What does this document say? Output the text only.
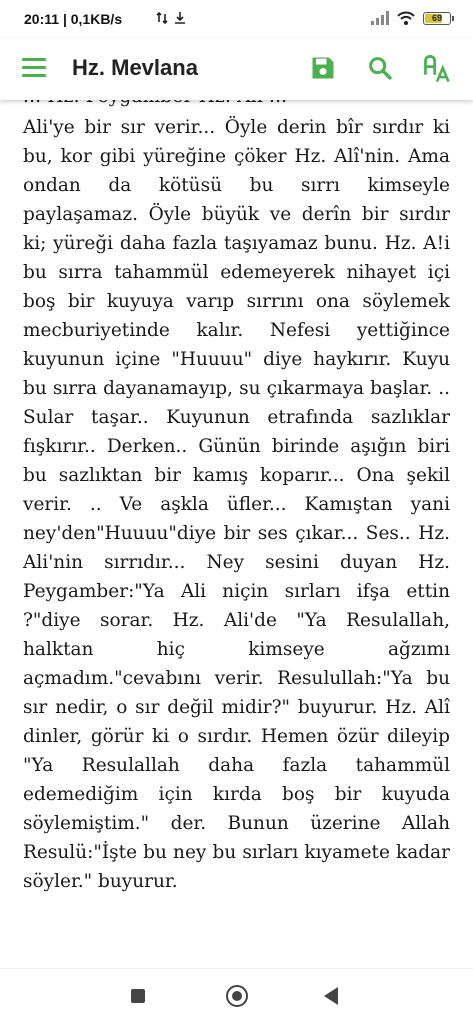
20:11 | 0,1KB/s
	69
Hz. Mevlana

Ali'ye bir sır verir... Öyle derin bîr sırdır ki bu, kor gibi yüreğine çöker Hz. Alî'nin. Ama ondan da kötüsü bu sırrı kimseyle paylaşamaz. Öyle büyük ve derîn bir sırdır ki; yüreği daha fazla taşıyamaz bunu. Hz. A!i bu sırra tahammül edemeyerek nihayet içi boş bir kuyuya varıp sırrını ona söylemek mecburiyetinde kalır. Nefesi yettiğince kuyunun içine "Huuuu" diye haykırır. Kuyu bu sırra dayanamayıp, su çıkarmaya başlar. .. Sular taşar.. Kuyunun etrafında sazlıklar fışkırır.. Derken.. Günün birinde aşığın biri bu sazlıktan bir kamış koparır... Ona şekil verir. .. Ve aşkla üfler... Kamıştan yani ney'den"Huuuu"diye bir ses çıkar... Ses.. Hz. Ali'nin sırrıdır... Ney sesini duyan Hz. Peygamber:"Ya Ali niçin sırları ifşa ettin ?"diye sorar. Hz. Ali'de "Ya Resulallah, halktan hiç kimseye ağzımı açmadım."cevabını verir. Resulullah:"Ya bu sır nedir, o sır değil midir?" buyurur. Hz. Alî dinler, görür ki o sırdır. Hemen özür dileyip "Ya Resulallah daha fazla tahammül edemediğim için kırda boş bir kuyuda söylemiştim." der. Bunun üzerine Allah Resulü:"İşte bu ney bu sırları kıyamete kadar söyler." buyurur.
